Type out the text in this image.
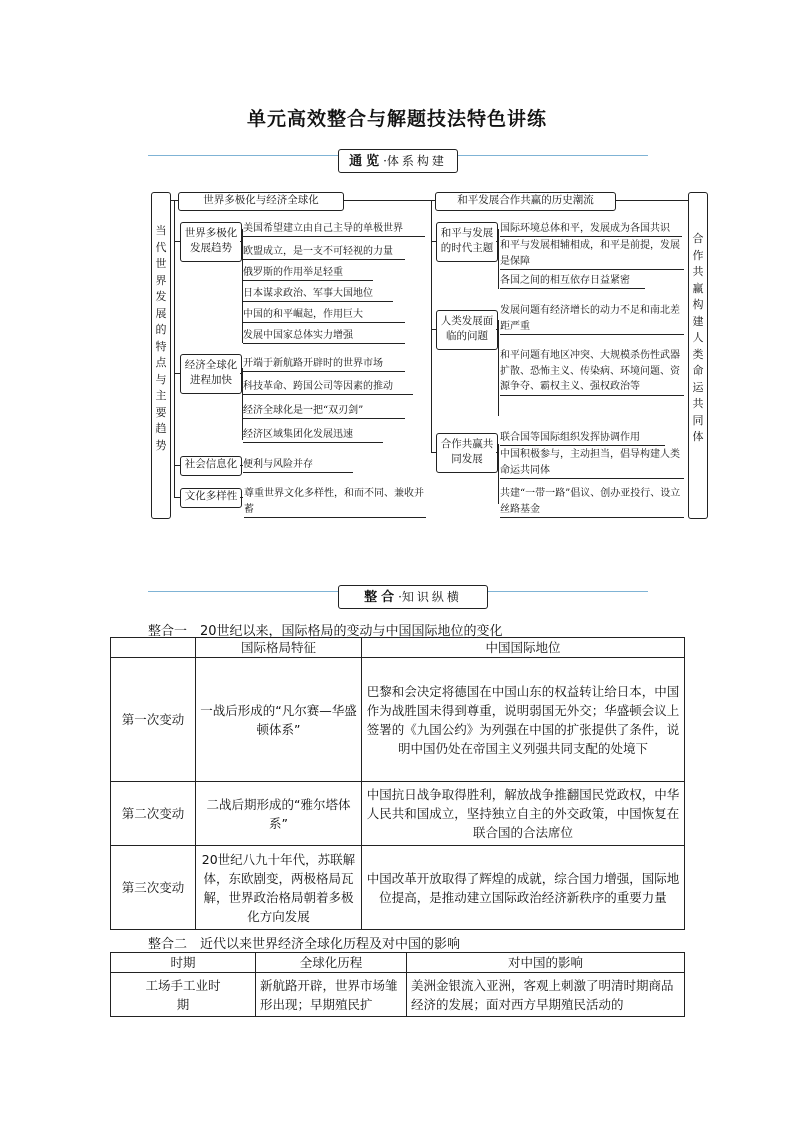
单元高效整合与解题技法特色讲练
通览·体系构建
当代世界发展的特点与主要趋势
合作共赢构建人类命运共同体
世界多极化与经济全球化	和平发展合作共赢的历史潮流
世界多极化发展趋势
美国希望建立由自己主导的单极世界
欧盟成立，是一支不可轻视的力量
俄罗斯的作用举足轻重
日本谋求政治、军事大国地位
中国的和平崛起，作用巨大
发展中国家总体实力增强
经济全球化进程加快
开端于新航路开辟时的世界市场
科技革命、跨国公司等因素的推动
经济全球化是一把“双刃剑”
经济区域集团化发展迅速
社会信息化 便利与风险并存
文化多样性 尊重世界文化多样性，和而不同、兼收并蓄
和平与发展的时代主题
国际环境总体和平，发展成为各国共识
和平与发展相辅相成，和平是前提，发展是保障
各国之间的相互依存日益紧密
人类发展面临的问题
发展问题有经济增长的动力不足和南北差距严重
和平问题有地区冲突、大规模杀伤性武器扩散、恐怖主义、传染病、环境问题、资源争夺、霸权主义、强权政治等
合作共赢共同发展
联合国等国际组织发挥协调作用
中国积极参与，主动担当，倡导构建人类命运共同体
共建“一带一路”倡议、创办亚投行、设立丝路基金
整合·知识纵横
整合一　20世纪以来，国际格局的变动与中国国际地位的变化
	国际格局特征	中国国际地位
第一次变动	一战后形成的“凡尔赛—华盛顿体系”	巴黎和会决定将德国在中国山东的权益转让给日本，中国作为战胜国未得到尊重，说明弱国无外交；华盛顿会议上签署的《九国公约》为列强在中国的扩张提供了条件，说明中国仍处在帝国主义列强共同支配的处境下
第二次变动	二战后期形成的“雅尔塔体系”	中国抗日战争取得胜利，解放战争推翻国民党政权，中华人民共和国成立，坚持独立自主的外交政策，中国恢复在联合国的合法席位
第三次变动	20世纪八九十年代，苏联解体，东欧剧变，两极格局瓦解，世界政治格局朝着多极化方向发展	中国改革开放取得了辉煌的成就，综合国力增强，国际地位提高，是推动建立国际政治经济新秩序的重要力量
整合二　近代以来世界经济全球化历程及对中国的影响
时期	全球化历程	对中国的影响
工场手工业时期	新航路开辟，世界市场雏形出现；早期殖民扩	美洲金银流入亚洲，客观上刺激了明清时期商品经济的发展；面对西方早期殖民活动的
